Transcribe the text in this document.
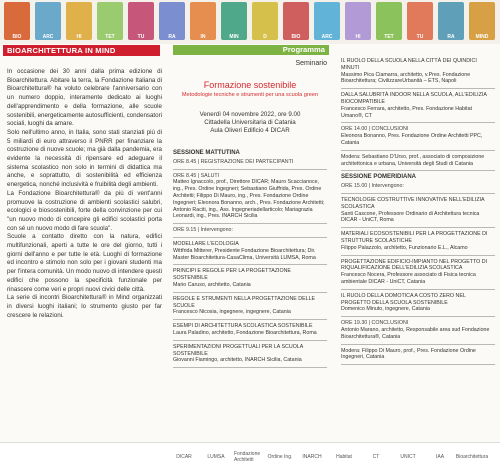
BIO	ARC	HI	TET	TU	RA	IN	MIN	D	BIO	ARC	HI	TET	TU	RA	MIND
BIOARCHITETTURA IN MIND	Programma

In occasione dei 30 anni dalla prima edizione di Bioarchitettura. Abitare la terra, la Fondazione Italiana di Bioarchitettura® ha voluto celebrare l'anniversario con un numero doppio, interamente dedicato ai luoghi dell'apprendimento e della formazione, alle scuole sostenibili, energeticamente autosufficienti, condensatori sociali, luoghi da amare.

Solo nell'ultimo anno, in Italia, sono stati stanziati più di 5 miliardi di euro attraverso il PNRR per finanziare la costruzione di nuove scuole; ma già dalla pandemia, era evidente la necessità di ripensare ed adeguare il sistema scolastico non solo in termini di didattica ma anche, e soprattutto, di sostenibilità ed efficienza energetica, nonché inclusività e fruibilità degli ambienti.

La Fondazione Bioarchitettura® da più di vent'anni promuove la costruzione di ambienti scolastici salubri, ecologici e biosostenibili, forte della convinzione per cui "un nuovo modo di concepire gli edifici scolastici porta con sé un nuovo modo di fare scuola".

Scuole a contatto diretto con la natura, edifici multifunzionali, aperti a tutte le ore del giorno, tutti i giorni dell'anno e per tutte le età. Luoghi di formazione ed incontro e stimolo non solo per i giovani studenti ma per l'intera comunità. Un modo nuovo di intendere questi edifici che possono la specificità funzionale per rinascere come veri e propri nuovi civici delle città.

La serie di incontri Bioarchitettura® in Mind organizzati in diversi luoghi italiani; lo strumento giusto per far crescere le relazioni.

Seminario
Formazione sostenibile
Metodologie tecniche e strumenti per una scuola green
Venerdì 04 novembre 2022, ore 9.00
Cittadella Universitaria di Catania
Aula Oliveri Edificio 4 DICAR
SESSIONE MATTUTINA

ORE 8.45 | REGISTRAZIONE DEI PARTECIPANTI

ORE 8.45 | SALUTI

Matteo Ignaccolo, prof., Direttore DICAR; Mauro Scaccianoce, ing., Pres. Ordine Ingegneri; Sebastiano Giuffrida, Pres. Ordine Architetti; Filippo Di Mauro, ing., Pres. Fondazione Ordine Ingegneri; Eleonora Bonanno, arch., Pres. Fondazione Architetti; Antonio Raciti, ing., Ass. Ingegneriadellarticolo; Mariagrazia Leonardi, ing., Pres. INARCH Sicilia

ORE 9.15 | Intervengono:

MODELLARE L'ECOLOGIA

Wittfrida Mitterer, Presidente Fondazione Bioarchitettura; Dir. Master Bioarchitettura-CasaClima, Università LUMSA, Roma

PRINCIPI E REGOLE PER LA PROGETTAZIONE SOSTENIBILE

Mario Caruso, architetto, Catania

REGOLE E STRUMENTI NELLA PROGETTAZIONE DELLE SCUOLE

Francesco Nicosia, ingegnere, ingegnere, Catania

ESEMPI DI ARCHITETTURA SCOLASTICA SOSTENIBILE

Laura Paladino, architetto, Fondazione Bioarchitettura, Roma

SPERIMENTAZIONI PROGETTUALI PER LA SCUOLA SOSTENIBILE

Giovanni Fiamingo, architetto, INARCH Sicilia, Catania

IL RUOLO DELLA SCUOLA NELLA CITTÀ DEI QUINDICI MINUTI

Massimo Pica Ciamarra, architetto, v.Pres. Fondazione Bioarchitettura; CivilizzareUrbanità – ETS, Napoli

DALLA SALUBRITÀ INDOOR NELLA SCUOLA, ALL'EDILIZIA BIOCOMPATIBILE

Francesco Ferrara, architetto, Pres. Fondazione Habitat Umano®, CT

ORE 14.00 | CONCLUSIONI

Eleonora Bonanno, Pres. Fondazione Ordine Architetti PPC, Catania

Modera: Sebastiano D'Urso, prof., associato di composizione architettonica e urbana, Università degli Studi di Catania

SESSIONE POMERIDIANA

ORE 15.00 | Intervengono:

TECNOLOGIE COSTRUTTIVE INNOVATIVE NELL'EDILIZIA SCOLASTICA

Santi Cascone, Professore Ordinario di Architettura tecnica DICAR - UniCT, Roma

MATERIALI ECOSOSTENIBILI PER LA PROGETTAZIONE DI STRUTTURE SCOLASTICHE

Filippo Palazzolo, architetto, Funzionario E.L., Alcamo

PROGETTAZIONE EDIFICIO-IMPIANTO NEL PROGETTO DI RIQUALIFICAZIONE DELL'EDILIZIA SCOLASTICA

Francesco Nocera, Professore associato di Fisica tecnica ambientale DICAR - UniCT, Catania

IL RUOLO DELLA DOMOTICA A COSTO ZERO NEL PROGETTO DELLA SCUOLA SOSTENIBILE

Domenico Minuto, ingegnere, Catania

ORE 19.30 | CONCLUSIONI

Antonio Marano, architetto, Responsabile area sud Fondazione Bioarchitettura®, Catania

Modera: Filippo Di Mauro, prof., Pres. Fondazione Ordine Ingegneri, Catania

DICAR	LUMSA	Fondazione Architetti	Ordine Ing.	INARCH	Habitat	CT	UNICT	IAA	Bioarchitettura
